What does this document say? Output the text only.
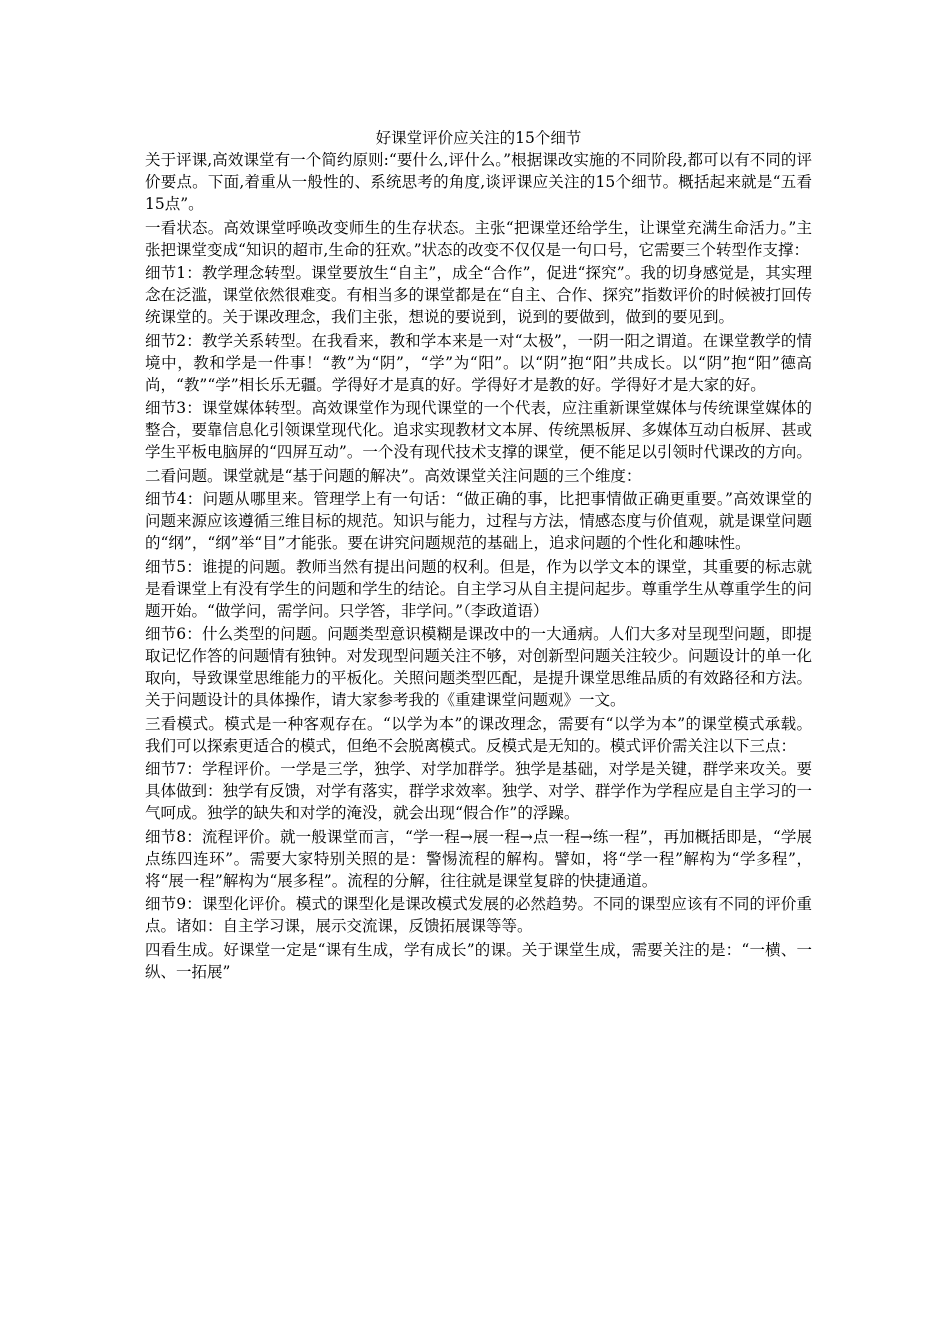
好课堂评价应关注的15个细节

关于评课,高效课堂有一个简约原则:“要什么,评什么。”根据课改实施的不同阶段,都可以有不同的评价要点。下面,着重从一般性的、系统思考的角度,谈评课应关注的15个细节。概括起来就是“五看15点”。

一看状态。高效课堂呼唤改变师生的生存状态。主张“把课堂还给学生，让课堂充满生命活力。”主张把课堂变成“知识的超市,生命的狂欢。”状态的改变不仅仅是一句口号，它需要三个转型作支撑：

细节1：教学理念转型。课堂要放生“自主”，成全“合作”，促进“探究”。我的切身感觉是，其实理念在泛滥，课堂依然很难变。有相当多的课堂都是在“自主、合作、探究”指数评价的时候被打回传统课堂的。关于课改理念，我们主张，想说的要说到，说到的要做到，做到的要见到。

细节2：教学关系转型。在我看来，教和学本来是一对“太极”，一阴一阳之谓道。在课堂教学的情境中，教和学是一件事！“教”为“阴”，“学”为“阳”。以“阴”抱“阳”共成长。以“阴”抱“阳”德高尚，“教”“学”相长乐无疆。学得好才是真的好。学得好才是教的好。学得好才是大家的好。

细节3：课堂媒体转型。高效课堂作为现代课堂的一个代表，应注重新课堂媒体与传统课堂媒体的整合，要靠信息化引领课堂现代化。追求实现教材文本屏、传统黑板屏、多媒体互动白板屏、甚或学生平板电脑屏的“四屏互动”。一个没有现代技术支撑的课堂，便不能足以引领时代课改的方向。

二看问题。课堂就是“基于问题的解决”。高效课堂关注问题的三个维度：

细节4：问题从哪里来。管理学上有一句话：“做正确的事，比把事情做正确更重要。”高效课堂的问题来源应该遵循三维目标的规范。知识与能力，过程与方法，情感态度与价值观，就是课堂问题的“纲”，“纲”举“目”才能张。要在讲究问题规范的基础上，追求问题的个性化和趣味性。

细节5：谁提的问题。教师当然有提出问题的权利。但是，作为以学文本的课堂，其重要的标志就是看课堂上有没有学生的问题和学生的结论。自主学习从自主提问起步。尊重学生从尊重学生的问题开始。“做学问，需学问。只学答，非学问。”（李政道语）

细节6：什么类型的问题。问题类型意识模糊是课改中的一大通病。人们大多对呈现型问题，即提取记忆作答的问题情有独钟。对发现型问题关注不够，对创新型问题关注较少。问题设计的单一化取向，导致课堂思维能力的平板化。关照问题类型匹配，是提升课堂思维品质的有效路径和方法。关于问题设计的具体操作，请大家参考我的《重建课堂问题观》一文。

三看模式。模式是一种客观存在。“以学为本”的课改理念，需要有“以学为本”的课堂模式承载。我们可以探索更适合的模式，但绝不会脱离模式。反模式是无知的。模式评价需关注以下三点：

细节7：学程评价。一学是三学，独学、对学加群学。独学是基础，对学是关键，群学来攻关。要具体做到：独学有反馈，对学有落实，群学求效率。独学、对学、群学作为学程应是自主学习的一气呵成。独学的缺失和对学的淹没，就会出现“假合作”的浮躁。

细节8：流程评价。就一般课堂而言，“学一程→展一程→点一程→练一程”，再加概括即是，“学展点练四连环”。需要大家特别关照的是：警惕流程的解构。譬如，将“学一程”解构为“学多程”，将“展一程”解构为“展多程”。流程的分解，往往就是课堂复辟的快捷通道。

细节9：课型化评价。模式的课型化是课改模式发展的必然趋势。不同的课型应该有不同的评价重点。诸如：自主学习课，展示交流课，反馈拓展课等等。

四看生成。好课堂一定是“课有生成，学有成长”的课。关于课堂生成，需要关注的是：“一横、一纵、一拓展”
